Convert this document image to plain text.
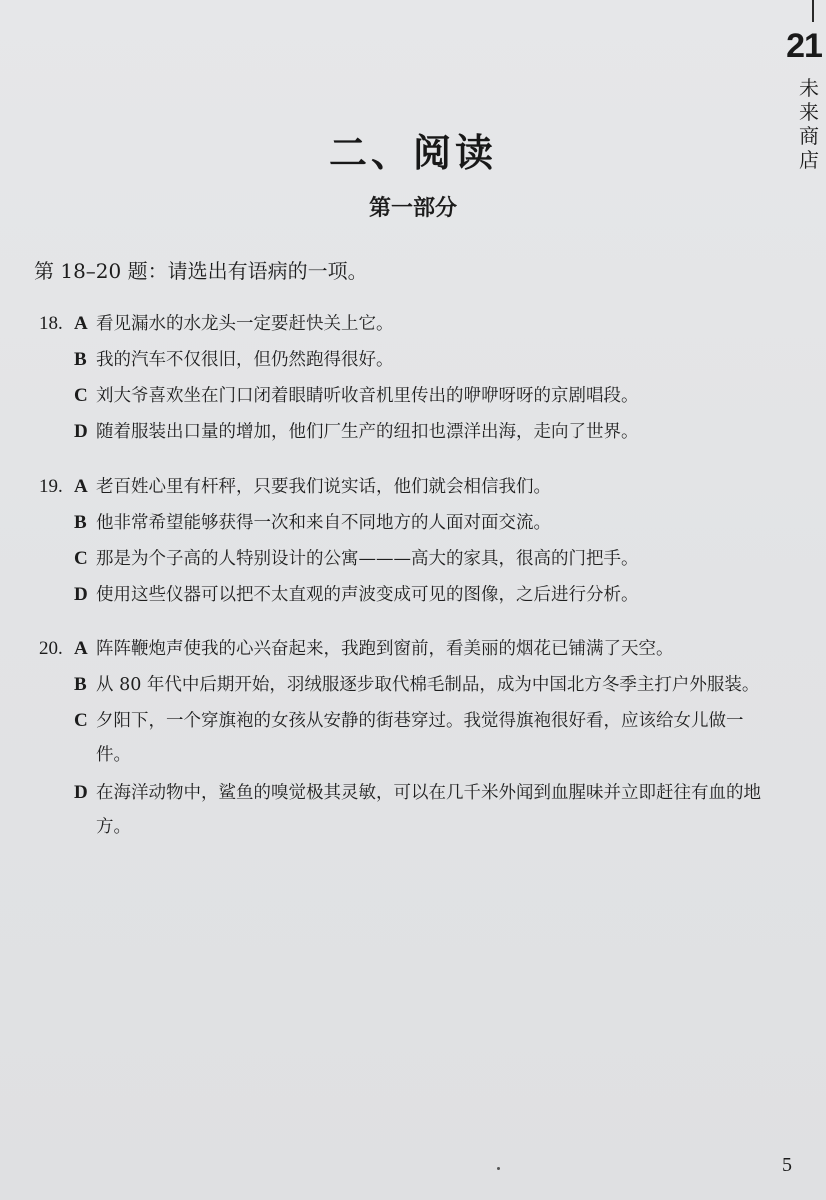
21
未来商店
二、阅读
第一部分
第 18–20 题：请选出有语病的一项。
18. A 看见漏水的水龙头一定要赶快关上它。
B 我的汽车不仅很旧，但仍然跑得很好。
C 刘大爷喜欢坐在门口闭着眼睛听收音机里传出的咿咿呀呀的京剧唱段。
D 随着服装出口量的增加，他们厂生产的纽扣也漂洋出海，走向了世界。
19. A 老百姓心里有杆秤，只要我们说实话，他们就会相信我们。
B 他非常希望能够获得一次和来自不同地方的人面对面交流。
C 那是为个子高的人特别设计的公寓———高大的家具，很高的门把手。
D 使用这些仪器可以把不太直观的声波变成可见的图像，之后进行分析。
20. A 阵阵鞭炮声使我的心兴奋起来，我跑到窗前，看美丽的烟花已铺满了天空。
B 从 80 年代中后期开始，羽绒服逐步取代棉毛制品，成为中国北方冬季主打户外服装。
C 夕阳下，一个穿旗袍的女孩从安静的街巷穿过。我觉得旗袍很好看，应该给女儿做一件。
D 在海洋动物中，鲨鱼的嗅觉极其灵敏，可以在几千米外闻到血腥味并立即赶往有血的地方。
5
